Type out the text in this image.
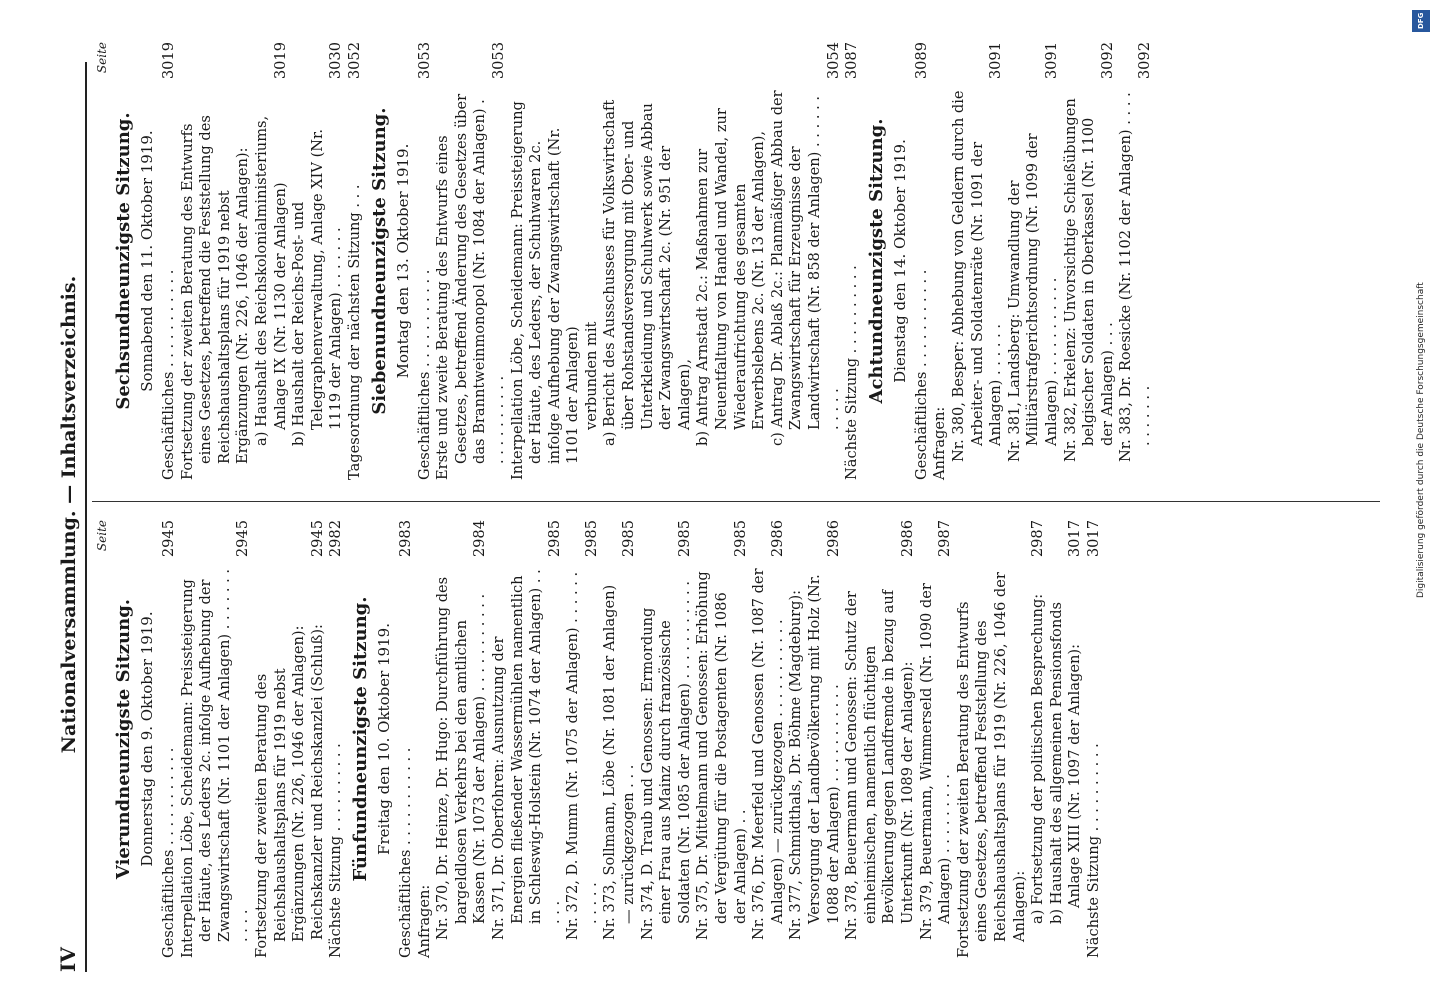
IV
Nationalversammlung. — Inhaltsverzeichnis. Seite
Vierundneunzigste Sitzung. Donnerstag den 9. Oktober 1919. Geschäftliches . . . . . . . . . . .
2945
Interpellation Löbe, Scheidemann: Preissteigerung der Häute, des Leders 2c. infolge Aufhebung der Zwangswirtschaft (Nr. 1101 der Anlagen) . . . . . . . . . . .
2945
Fortsetzung der zweiten Beratung des Reichshaushaltsplans für 1919 nebst Ergänzungen (Nr. 226, 1046 der Anlagen): Reichskanzler und Reichskanzlei (Schluß):
2945
Nächste Sitzung . . . . . . . . . .
2982
Fünfundneunzigste Sitzung. Freitag den 10. Oktober 1919. Geschäftliches . . . . . . . . . . .
2983
Anfragen: Nr. 370, Dr. Heinze, Dr. Hugo: Durchführung des bargeldlosen Verkehrs bei den amtlichen Kassen (Nr. 1073 der Anlagen) . . . . . . . . . . .
2984
Nr. 371, Dr. Oberfohren: Ausnutzung der Energien fließender Wassermühlen namentlich in Schleswig-Holstein (Nr. 1074 der Anlagen) . . . . .
2985
Nr. 372, D. Mumm (Nr. 1075 der Anlagen) . . . . . . . . . . .
2985
Nr. 373, Sollmann, Löbe (Nr. 1081 der Anlagen) — zurückgezogen . . .
2985
Nr. 374, D. Traub und Genossen: Ermordung einer Frau aus Mainz durch französische Soldaten (Nr. 1085 der Anlagen) . . . . . . . . . . .
2985
Nr. 375, Dr. Mittelmann und Genossen: Erhöhung der Vergütung für die Postagenten (Nr. 1086 der Anlagen) . .
2985
Nr. 376, Dr. Meerfeld und Genossen (Nr. 1087 der Anlagen) — zurückgezogen . . . . . . . . . . .
2986
Nr. 377, Schmidthals, Dr. Böhme (Magdeburg): Versorgung der Landbevölkerung mit Holz (Nr. 1088 der Anlagen) . . . . . . . . . . .
2986
Nr. 378, Beuermann und Genossen: Schutz der einheimischen, namentlich flüchtigen Bevölkerung gegen Landfremde in bezug auf Unterkunft (Nr. 1089 der Anlagen):
2986
Nr. 379, Beuermann, Wimmerseld (Nr. 1090 der Anlagen) . . . . . . . . .
2987
Fortsetzung der zweiten Beratung des Entwurfs eines Gesetzes, betreffend Feststellung des Reichshaushaltsplans für 1919 (Nr. 226, 1046 der Anlagen): a) Fortsetzung der politischen Besprechung:
2987
b) Haushalt des allgemeinen Pensionsfonds Anlage XIII (Nr. 1097 der Anlagen):
3017
Nächste Sitzung . . . . . . . . . .
3017
Seite
Sechsundneunzigste Sitzung. Sonnabend den 11. Oktober 1919. Geschäftliches . . . . . . . . . . .
3019
Fortsetzung der zweiten Beratung des Entwurfs eines Gesetzes, betreffend die Feststellung des Reichshaushaltsplans für 1919 nebst Ergänzungen (Nr. 226, 1046 der Anlagen): a) Haushalt des Reichskolonialministeriums, Anlage IX (Nr. 1130 der Anlagen)
3019
b) Haushalt der Reichs-Post- und Telegraphenverwaltung, Anlage XIV (Nr. 1119 der Anlagen) . . . . . . .
3030
Tagesordnung der nächsten Sitzung . . .
3052
Siebenundneunzigste Sitzung. Montag den 13. Oktober 1919. Geschäftliches . . . . . . . . . . .
3053
Erste und zweite Beratung des Entwurfs eines Gesetzes, betreffend Änderung des Gesetzes über das Branntweinmonopol (Nr. 1084 der Anlagen) . . . . . . . . . . .
3053
Interpellation Löbe, Scheidemann: Preissteigerung der Häute, des Leders, der Schuhwaren 2c. infolge Aufhebung der Zwangswirtschaft (Nr. 1101 der Anlagen) verbunden mit a) Bericht des Ausschusses für Volkswirtschaft über Rohstandsversorgung mit Ober- und Unterkleidung und Schuhwerk sowie Abbau der Zwangswirtschaft 2c. (Nr. 951 der Anlagen), b) Antrag Arnstadt 2c.: Maßnahmen zur Neuentfaltung von Handel und Wandel, zur Wiederaufrichtung des gesamten Erwerbslebens 2c. (Nr. 13 der Anlagen), c) Antrag Dr. Ablaß 2c.: Planmäßiger Abbau der Zwangswirtschaft für Erzeugnisse der Landwirtschaft (Nr. 858 der Anlagen) . . . . . . . . . . .
3054
Nächste Sitzung . . . . . . . . . .
3087
Achtundneunzigste Sitzung. Dienstag den 14. Oktober 1919. Geschäftliches . . . . . . . . . . .
3089
Anfragen: Nr. 380, Besper: Abhebung von Geldern durch die Arbeiter- und Soldatenräte (Nr. 1091 der Anlagen) . . . . . .
3091
Nr. 381, Landsberg: Umwandlung der Militärstrafgerichtsordnung (Nr. 1099 der Anlagen) . . . . . . . . . . .
3091
Nr. 382, Erkelenz: Unvorsichtige Schießübungen belgischer Soldaten in Oberkassel (Nr. 1100 der Anlagen) . . .
3092
Nr. 383, Dr. Roesicke (Nr. 1102 der Anlagen) . . . . . . . . . . .
3092
DFG
Digitalisierung gefördert durch die Deutsche Forschungsgemeinschaft
